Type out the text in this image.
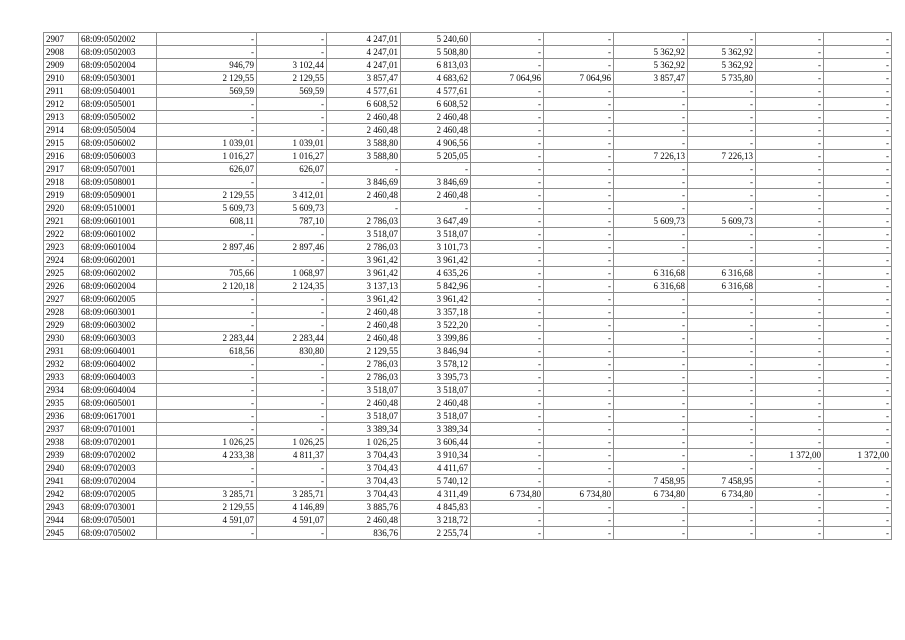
2907	68:09:0502002	-	-	4 247,01	5 240,60	-	-	-	-	-	-
2908	68:09:0502003	-	-	4 247,01	5 508,80	-	-	5 362,92	5 362,92	-	-
2909	68:09:0502004	946,79	3 102,44	4 247,01	6 813,03	-	-	5 362,92	5 362,92	-	-
2910	68:09:0503001	2 129,55	2 129,55	3 857,47	4 683,62	7 064,96	7 064,96	3 857,47	5 735,80	-	-
2911	68:09:0504001	569,59	569,59	4 577,61	4 577,61	-	-	-	-	-	-
2912	68:09:0505001	-	-	6 608,52	6 608,52	-	-	-	-	-	-
2913	68:09:0505002	-	-	2 460,48	2 460,48	-	-	-	-	-	-
2914	68:09:0505004	-	-	2 460,48	2 460,48	-	-	-	-	-	-
2915	68:09:0506002	1 039,01	1 039,01	3 588,80	4 906,56	-	-	-	-	-	-
2916	68:09:0506003	1 016,27	1 016,27	3 588,80	5 205,05	-	-	7 226,13	7 226,13	-	-
2917	68:09:0507001	626,07	626,07	-	-	-	-	-	-	-	-
2918	68:09:0508001	-	-	3 846,69	3 846,69	-	-	-	-	-	-
2919	68:09:0509001	2 129,55	3 412,01	2 460,48	2 460,48	-	-	-	-	-	-
2920	68:09:0510001	5 609,73	5 609,73	-	-	-	-	-	-	-	-
2921	68:09:0601001	608,11	787,10	2 786,03	3 647,49	-	-	5 609,73	5 609,73	-	-
2922	68:09:0601002	-	-	3 518,07	3 518,07	-	-	-	-	-	-
2923	68:09:0601004	2 897,46	2 897,46	2 786,03	3 101,73	-	-	-	-	-	-
2924	68:09:0602001	-	-	3 961,42	3 961,42	-	-	-	-	-	-
2925	68:09:0602002	705,66	1 068,97	3 961,42	4 635,26	-	-	6 316,68	6 316,68	-	-
2926	68:09:0602004	2 120,18	2 124,35	3 137,13	5 842,96	-	-	6 316,68	6 316,68	-	-
2927	68:09:0602005	-	-	3 961,42	3 961,42	-	-	-	-	-	-
2928	68:09:0603001	-	-	2 460,48	3 357,18	-	-	-	-	-	-
2929	68:09:0603002	-	-	2 460,48	3 522,20	-	-	-	-	-	-
2930	68:09:0603003	2 283,44	2 283,44	2 460,48	3 399,86	-	-	-	-	-	-
2931	68:09:0604001	618,56	830,80	2 129,55	3 846,94	-	-	-	-	-	-
2932	68:09:0604002	-	-	2 786,03	3 578,12	-	-	-	-	-	-
2933	68:09:0604003	-	-	2 786,03	3 395,73	-	-	-	-	-	-
2934	68:09:0604004	-	-	3 518,07	3 518,07	-	-	-	-	-	-
2935	68:09:0605001	-	-	2 460,48	2 460,48	-	-	-	-	-	-
2936	68:09:0617001	-	-	3 518,07	3 518,07	-	-	-	-	-	-
2937	68:09:0701001	-	-	3 389,34	3 389,34	-	-	-	-	-	-
2938	68:09:0702001	1 026,25	1 026,25	1 026,25	3 606,44	-	-	-	-	-	-
2939	68:09:0702002	4 233,38	4 811,37	3 704,43	3 910,34	-	-	-	-	1 372,00	1 372,00
2940	68:09:0702003	-	-	3 704,43	4 411,67	-	-	-	-	-	-
2941	68:09:0702004	-	-	3 704,43	5 740,12	-	-	7 458,95	7 458,95	-	-
2942	68:09:0702005	3 285,71	3 285,71	3 704,43	4 311,49	6 734,80	6 734,80	6 734,80	6 734,80	-	-
2943	68:09:0703001	2 129,55	4 146,89	3 885,76	4 845,83	-	-	-	-	-	-
2944	68:09:0705001	4 591,07	4 591,07	2 460,48	3 218,72	-	-	-	-	-	-
2945	68:09:0705002	-	-	836,76	2 255,74	-	-	-	-	-	-
